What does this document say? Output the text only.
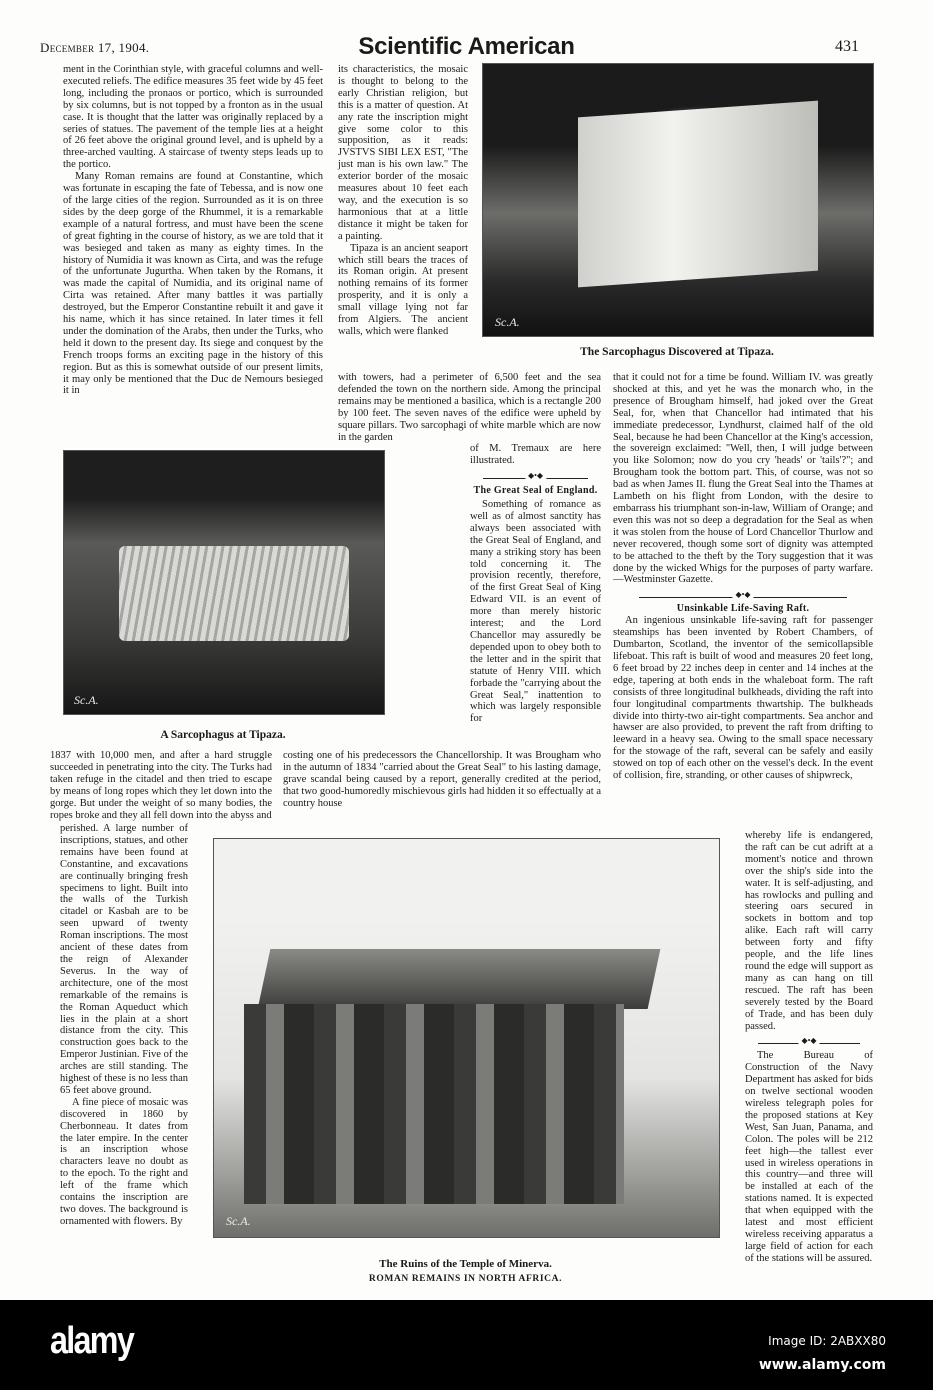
December 17, 1904.	Scientific American	431

ment in the Corinthian style, with graceful columns and well-executed reliefs. The edifice measures 35 feet wide by 45 feet long, including the pronaos or portico, which is surrounded by six columns, but is not topped by a fronton as in the usual case. It is thought that the latter was originally replaced by a series of statues. The pavement of the temple lies at a height of 26 feet above the original ground level, and is upheld by a three-arched vaulting. A staircase of twenty steps leads up to the portico.

Many Roman remains are found at Constantine, which was fortunate in escaping the fate of Tebessa, and is now one of the large cities of the region. Surrounded as it is on three sides by the deep gorge of the Rhummel, it is a remarkable example of a natural fortress, and must have been the scene of great fighting in the course of history, as we are told that it was besieged and taken as many as eighty times. In the history of Numidia it was known as Cirta, and was the refuge of the unfortunate Jugurtha. When taken by the Romans, it was made the capital of Numidia, and its original name of Cirta was retained. After many battles it was partially destroyed, but the Emperor Constantine rebuilt it and gave it his name, which it has since retained. In later times it fell under the domination of the Arabs, then under the Turks, who held it down to the present day. Its siege and conquest by the French troops forms an exciting page in the history of this region. But as this is somewhat outside of our present limits, it may only be mentioned that the Duc de Nemours besieged it in

its characteristics, the mosaic is thought to belong to the early Christian religion, but this is a matter of question. At any rate the inscription might give some color to this supposition, as it reads: JVSTVS SIBI LEX EST, "The just man is his own law." The exterior border of the mosaic measures about 10 feet each way, and the execution is so harmonious that at a little distance it might be taken for a painting.

Tipaza is an ancient seaport which still bears the traces of its Roman origin. At present nothing remains of its former prosperity, and it is only a small village lying not far from Algiers. The ancient walls, which were flanked

Sc.A.
The Sarcophagus Discovered at Tipaza.

with towers, had a perimeter of 6,500 feet and the sea defended the town on the northern side. Among the principal remains may be mentioned a basilica, which is a rectangle 200 by 100 feet. The seven naves of the edifice were upheld by square pillars. Two sarcophagi of white marble which are now in the garden

of M. Tremaux are here illustrated.

Sc.A.
A Sarcophagus at Tipaza.
◆•◆
The Great Seal of England.

Something of romance as well as of almost sanctity has always been associated with the Great Seal of England, and many a striking story has been told concerning it. The provision recently, therefore, of the first Great Seal of King Edward VII. is an event of more than merely historic interest; and the Lord Chancellor may assuredly be depended upon to obey both to the letter and in the spirit that statute of Henry VIII. which forbade the "carrying about the Great Seal," inattention to which was largely responsible for

1837 with 10,000 men, and after a hard struggle succeeded in penetrating into the city. The Turks had taken refuge in the citadel and then tried to escape by means of long ropes which they let down into the gorge. But under the weight of so many bodies, the ropes broke and they all fell down into the abyss and

costing one of his predecessors the Chancellorship. It was Brougham who in the autumn of 1834 "carried about the Great Seal" to his lasting damage, grave scandal being caused by a report, generally credited at the period, that two good-humoredly mischievous girls had hidden it so effectually at a country house

perished. A large number of inscriptions, statues, and other remains have been found at Constantine, and excavations are continually bringing fresh specimens to light. Built into the walls of the Turkish citadel or Kasbah are to be seen upward of twenty Roman inscriptions. The most ancient of these dates from the reign of Alexander Severus. In the way of architecture, one of the most remarkable of the remains is the Roman Aqueduct which lies in the plain at a short distance from the city. This construction goes back to the Emperor Justinian. Five of the arches are still standing. The highest of these is no less than 65 feet above ground.

A fine piece of mosaic was discovered in 1860 by Cherbonneau. It dates from the later empire. In the center is an inscription whose characters leave no doubt as to the epoch. To the right and left of the frame which contains the inscription are two doves. The background is ornamented with flowers. By

that it could not for a time be found. William IV. was greatly shocked at this, and yet he was the monarch who, in the presence of Brougham himself, had joked over the Great Seal, for, when that Chancellor had intimated that his immediate predecessor, Lyndhurst, claimed half of the old Seal, because he had been Chancellor at the King's accession, the sovereign exclaimed: "Well, then, I will judge between you like Solomon; now do you cry 'heads' or 'tails'?"; and Brougham took the bottom part. This, of course, was not so bad as when James II. flung the Great Seal into the Thames at Lambeth on his flight from London, with the desire to embarrass his triumphant son-in-law, William of Orange; and even this was not so deep a degradation for the Seal as when it was stolen from the house of Lord Chancellor Thurlow and never recovered, though some sort of dignity was attempted to be attached to the theft by the Tory suggestion that it was done by the wicked Whigs for the purposes of party warfare.—Westminster Gazette.

◆•◆
Unsinkable Life-Saving Raft.

An ingenious unsinkable life-saving raft for passenger steamships has been invented by Robert Chambers, of Dumbarton, Scotland, the inventor of the semicollapsible lifeboat. This raft is built of wood and measures 20 feet long, 6 feet broad by 22 inches deep in center and 14 inches at the edge, tapering at both ends in the whaleboat form. The raft consists of three longitudinal bulkheads, dividing the raft into four longitudinal compartments thwartship. The bulkheads divide into thirty-two air-tight compartments. Sea anchor and hawser are also provided, to prevent the raft from drifting to leeward in a heavy sea. Owing to the small space necessary for the stowage of the raft, several can be safely and easily stowed on top of each other on the vessel's deck. In the event of collision, fire, stranding, or other causes of shipwreck,

whereby life is endangered, the raft can be cut adrift at a moment's notice and thrown over the ship's side into the water. It is self-adjusting, and has rowlocks and pulling and steering oars secured in sockets in bottom and top alike. Each raft will carry between forty and fifty people, and the life lines round the edge will support as many as can hang on till rescued. The raft has been severely tested by the Board of Trade, and has been duly passed.

◆•◆

The Bureau of Construction of the Navy Department has asked for bids on twelve sectional wooden wireless telegraph poles for the proposed stations at Key West, San Juan, Panama, and Colon. The poles will be 212 feet high—the tallest ever used in wireless operations in this country—and three will be installed at each of the stations named. It is expected that when equipped with the latest and most efficient wireless receiving apparatus a large field of action for each of the stations will be assured.

Sc.A.
The Ruins of the Temple of Minerva.
ROMAN REMAINS IN NORTH AFRICA.
alamy	Image ID: 2ABXX80
www.alamy.com
